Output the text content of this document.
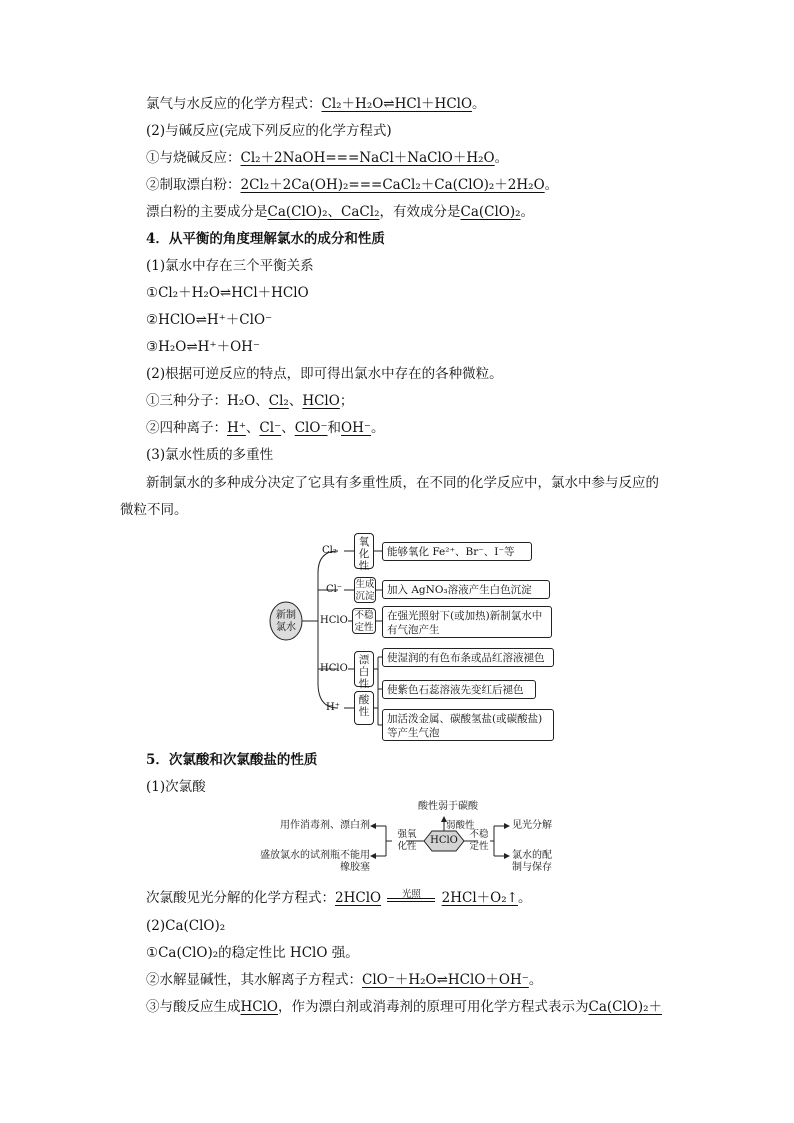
氯气与水反应的化学方程式：Cl₂＋H₂O⇌HCl＋HClO。
(2)与碱反应(完成下列反应的化学方程式)
①与烧碱反应：Cl₂＋2NaOH===NaCl＋NaClO＋H₂O。
②制取漂白粉：2Cl₂＋2Ca(OH)₂===CaCl₂＋Ca(ClO)₂＋2H₂O。
漂白粉的主要成分是Ca(ClO)₂、CaCl₂，有效成分是Ca(ClO)₂。
4．从平衡的角度理解氯水的成分和性质
(1)氯水中存在三个平衡关系
①Cl₂＋H₂O⇌HCl＋HClO
②HClO⇌H⁺＋ClO⁻
③H₂O⇌H⁺＋OH⁻
(2)根据可逆反应的特点，即可得出氯水中存在的各种微粒。
①三种分子：H₂O、Cl₂、HClO；
②四种离子：H⁺、Cl⁻、ClO⁻和OH⁻。
(3)氯水性质的多重性
新制氯水的多种成分决定了它具有多重性质，在不同的化学反应中，氯水中参与反应的
微粒不同。
新制氯水
Cl₂
Cl⁻
HClO
HClO
H⁺
氧化性
生成沉淀
不稳定性
漂白性
酸性
能够氧化 Fe²⁺、Br⁻、I⁻等
加入 AgNO₃溶液产生白色沉淀
在强光照射下(或加热)新制氯水中有气泡产生
使湿润的有色布条或品红溶液褪色
使紫色石蕊溶液先变红后褪色
加活泼金属、碳酸氢盐(或碳酸盐)等产生气泡
5．次氯酸和次氯酸盐的性质
(1)次氯酸
HClO
酸性弱于碳酸
弱酸性
强氧化性
用作消毒剂、漂白剂
盛放氯水的试剂瓶不能用橡胶塞
不稳定性
见光分解
氯水的配制与保存
次氯酸见光分解的化学方程式：2HClO	光照	2HCl＋O₂↑。
(2)Ca(ClO)₂
①Ca(ClO)₂的稳定性比 HClO 强。
②水解显碱性，其水解离子方程式：ClO⁻＋H₂O⇌HClO＋OH⁻。
③与酸反应生成HClO，作为漂白剂或消毒剂的原理可用化学方程式表示为Ca(ClO)₂＋
